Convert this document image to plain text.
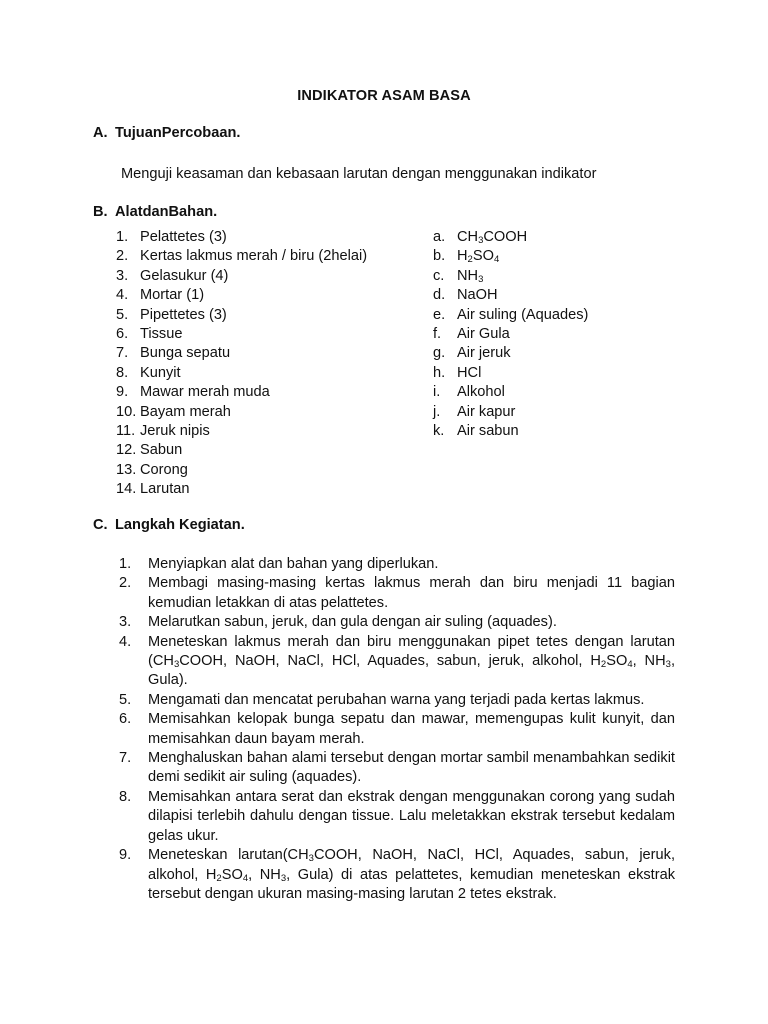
INDIKATOR ASAM BASA
A. TujuanPercobaan.
Menguji keasaman dan kebasaan larutan dengan menggunakan indikator
B. AlatdanBahan.
1. Pelattetes (3)
2. Kertas lakmus merah / biru (2helai)
3. Gelasukur (4)
4. Mortar (1)
5. Pipettetes (3)
6. Tissue
7. Bunga sepatu
8. Kunyit
9. Mawar merah muda
10. Bayam merah
11. Jeruk nipis
12. Sabun
13. Corong
14. Larutan
a. $CH_3COOH$
b. $H_2SO_4$
c. $NH_3$
d. NaOH
e. Air suling (Aquades)
f. Air Gula
g. Air jeruk
h. HCl
i. Alkohol
j. Air kapur
k. Air sabun
C. Langkah Kegiatan.
1.	Menyiapkan alat dan bahan yang diperlukan.
2.	Membagi masing-masing kertas lakmus merah dan biru menjadi 11 bagian kemudian letakkan di atas pelattetes.
3.	Melarutkan sabun, jeruk, dan gula dengan air suling (aquades).
4.	Meneteskan lakmus merah dan biru menggunakan pipet tetes dengan larutan ($CH_3COOH$, NaOH, NaCl, HCl, Aquades, sabun, jeruk, alkohol, $H_2SO_4$, $NH_3$, Gula).
5.	Mengamati dan mencatat perubahan warna yang terjadi pada kertas lakmus.
6.	Memisahkan kelopak bunga sepatu dan mawar, memengupas kulit kunyit, dan memisahkan daun bayam merah.
7.	Menghaluskan bahan alami tersebut dengan mortar sambil menambahkan sedikit demi sedikit air suling (aquades).
8.	Memisahkan antara serat dan ekstrak dengan menggunakan corong yang sudah dilapisi terlebih dahulu dengan tissue. Lalu meletakkan ekstrak tersebut kedalam gelas ukur.
9.	Meneteskan $larutan(CH_3COOH$, NaOH, NaCl, HCl, Aquades, sabun, jeruk, alkohol, $H_2SO_4$, $NH_3$, Gula) di atas pelattetes, kemudian meneteskan ekstrak tersebut dengan ukuran masing-masing larutan 2 tetes ekstrak.
